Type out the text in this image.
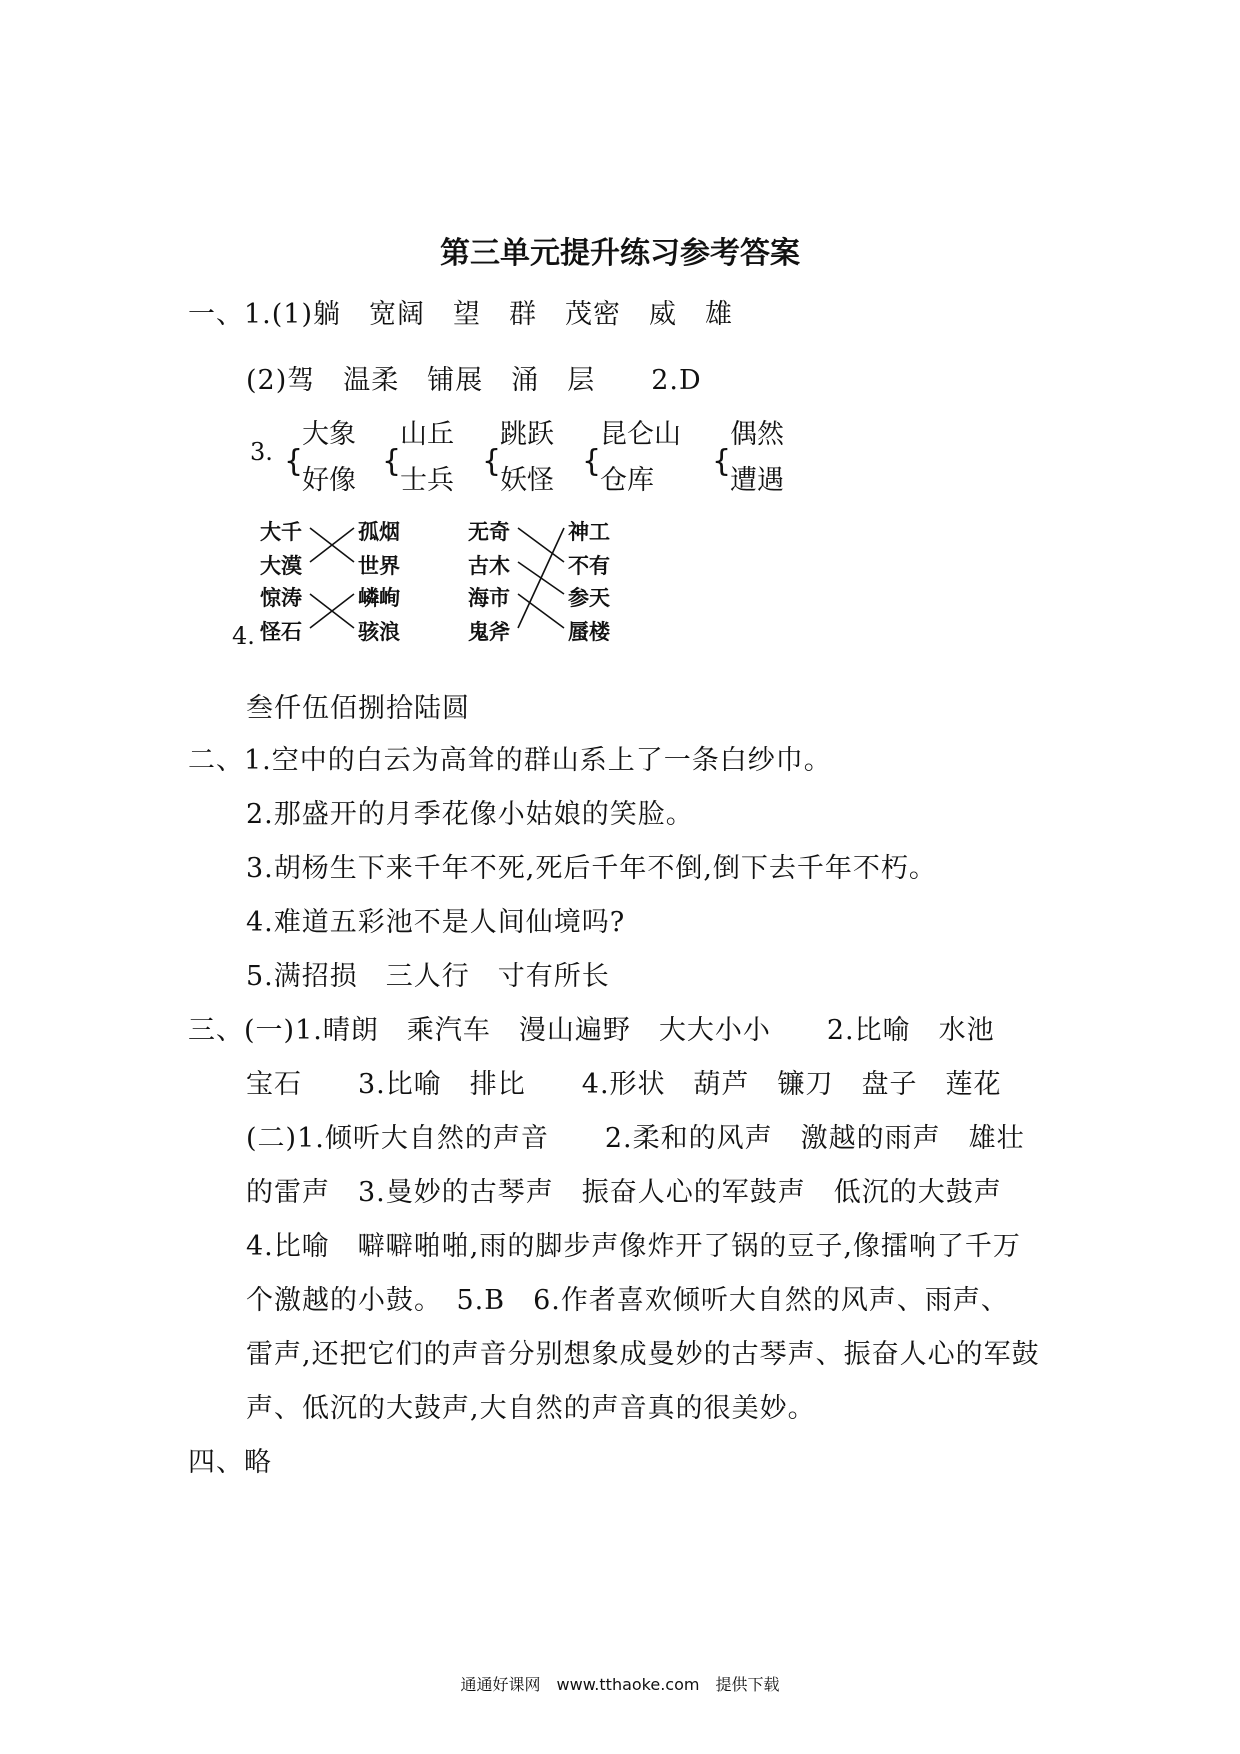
第三单元提升练习参考答案
一、1.(1)躺 宽阔 望 群 茂密 威 雄
(2)驾 温柔 铺展 涌 层 2.D
3. {
大象
好像
{
山丘
士兵
{
跳跃
妖怪
{
昆仑山
仓库
{
偶然
遭遇
4.
大千
大漠
惊涛
怪石
孤烟
世界
嶙峋
骇浪
无奇
古木
海市
鬼斧
神工
不有
参天
蜃楼
叁仟伍佰捌拾陆圆
二、1.空中的白云为高耸的群山系上了一条白纱巾。
2.那盛开的月季花像小姑娘的笑脸。
3.胡杨生下来千年不死,死后千年不倒,倒下去千年不朽。
4.难道五彩池不是人间仙境吗?
5.满招损 三人行 寸有所长
三、(一)1.晴朗　乘汽车　漫山遍野　大大小小　　2.比喻　水池
宝石　　3.比喻　排比　　4.形状　葫芦　镰刀　盘子　莲花
(二)1.倾听大自然的声音　　2.柔和的风声　激越的雨声　雄壮
的雷声　3.曼妙的古琴声　振奋人心的军鼓声　低沉的大鼓声
4.比喻　噼噼啪啪,雨的脚步声像炸开了锅的豆子,像擂响了千万
个激越的小鼓。　5.B　6.作者喜欢倾听大自然的风声、雨声、
雷声,还把它们的声音分别想象成曼妙的古琴声、振奋人心的军鼓
声、低沉的大鼓声,大自然的声音真的很美妙。
四、略
通通好课网　www.tthaoke.com　提供下载
